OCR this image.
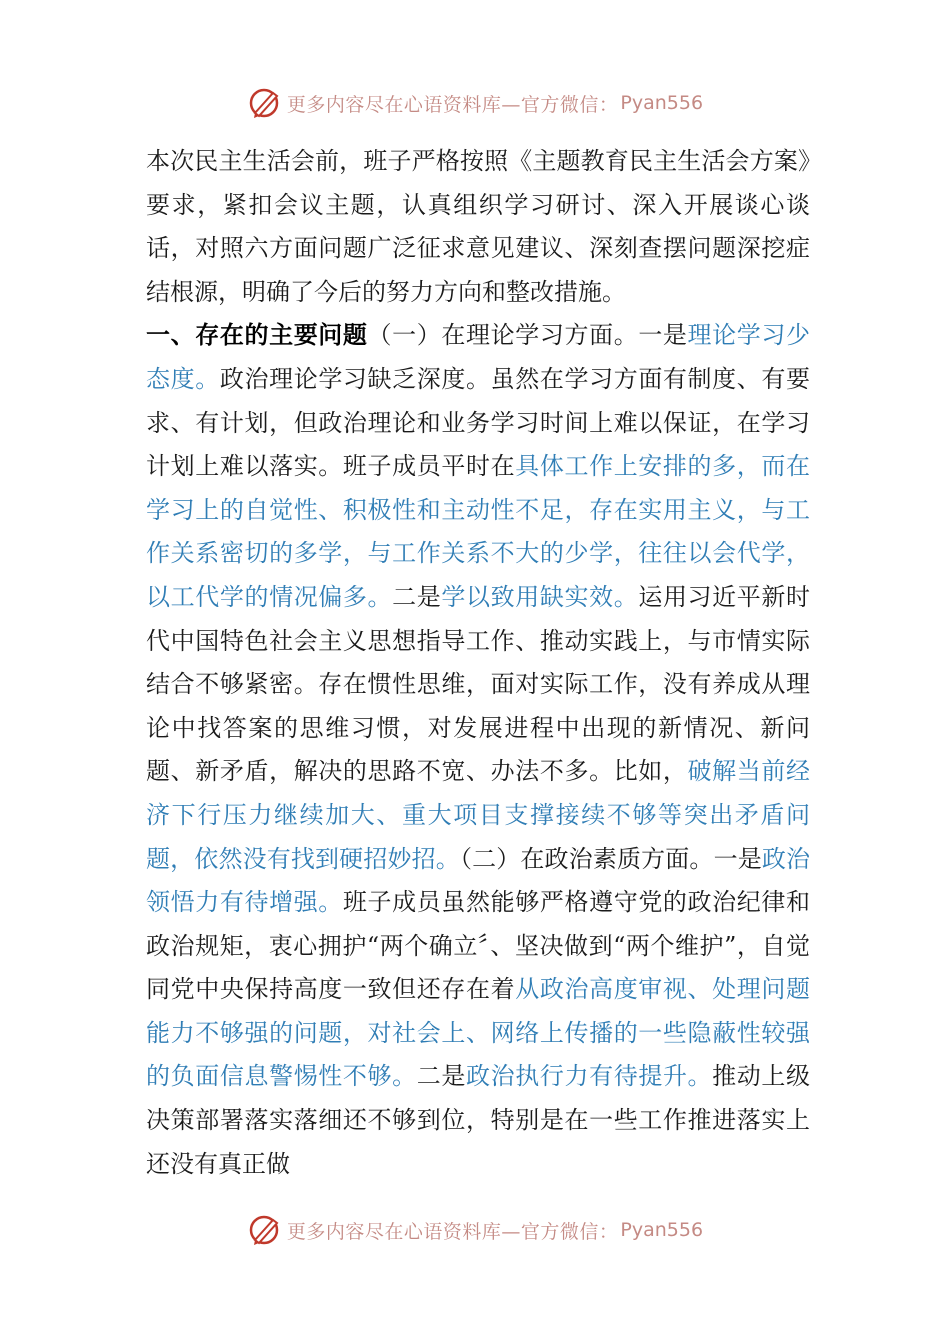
更多内容尽在心语资料库—官方微信： Pyan556

本次民主生活会前，班子严格按照《主题教育民主生活会方案》要求，紧扣会议主题，认真组织学习研讨、深入开展谈心谈话，对照六方面问题广泛征求意见建议、深刻查摆问题深挖症结根源，明确了今后的努力方向和整改措施。

一、存在的主要问题（一）在理论学习方面。一是理论学习少态度。政治理论学习缺乏深度。虽然在学习方面有制度、有要求、有计划，但政治理论和业务学习时间上难以保证，在学习计划上难以落实。班子成员平时在具体工作上安排的多，而在学习上的自觉性、积极性和主动性不足，存在实用主义，与工作关系密切的多学，与工作关系不大的少学，往往以会代学，以工代学的情况偏多。二是学以致用缺实效。运用习近平新时代中国特色社会主义思想指导工作、推动实践上，与市情实际结合不够紧密。存在惯性思维，面对实际工作，没有养成从理论中找答案的思维习惯，对发展进程中出现的新情况、新问题、新矛盾，解决的思路不宽、办法不多。比如，破解当前经济下行压力继续加大、重大项目支撑接续不够等突出矛盾问题，依然没有找到硬招妙招。（二）在政治素质方面。一是政治领悟力有待增强。班子成员虽然能够严格遵守党的政治纪律和政治规矩，衷心拥护“两个确立〞、坚决做到“两个维护”，自觉同党中央保持高度一致但还存在着从政治高度审视、处理问题能力不够强的问题，对社会上、网络上传播的一些隐蔽性较强的负面信息警惕性不够。二是政治执行力有待提升。推动上级决策部署落实落细还不够到位，特别是在一些工作推进落实上还没有真正做

更多内容尽在心语资料库—官方微信： Pyan556
